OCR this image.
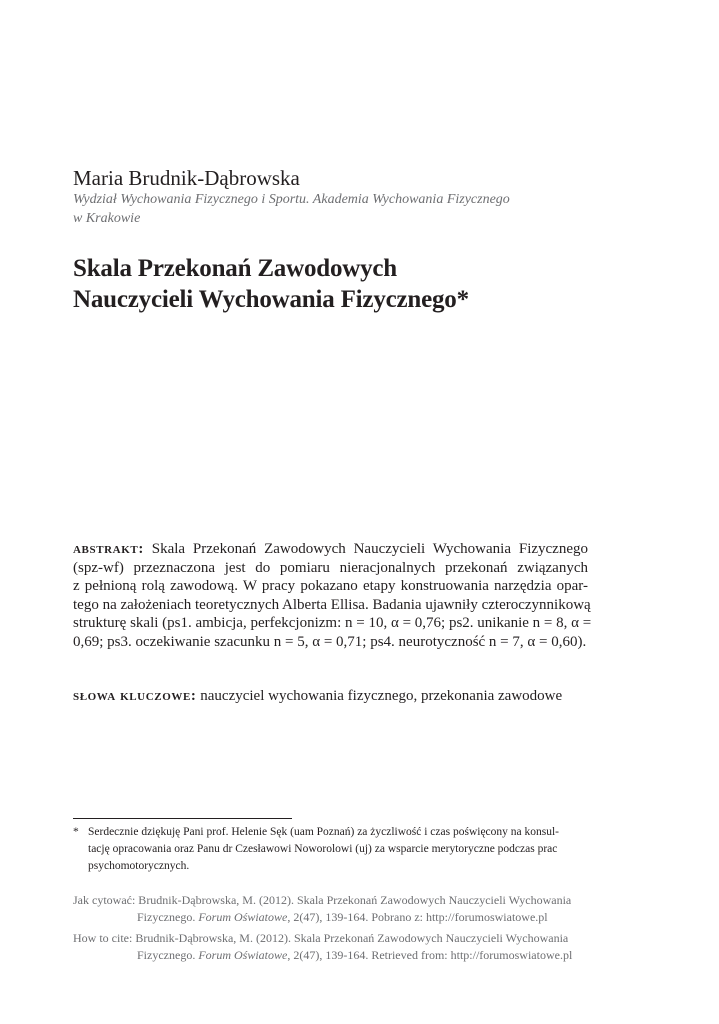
Maria Brudnik-Dąbrowska
Wydział Wychowania Fizycznego i Sportu. Akademia Wychowania Fizycznego
w Krakowie
Skala Przekonań Zawodowych
Nauczycieli Wychowania Fizycznego*
abstrakt: Skala Przekonań Zawodowych Nauczycieli Wychowania Fizycznego
(spz-wf) przeznaczona jest do pomiaru nieracjonalnych przekonań związanych
z pełnioną rolą zawodową. W pracy pokazano etapy konstruowania narzędzia opar-
tego na założeniach teoretycznych Alberta Ellisa. Badania ujawniły czteroczynnikową
strukturę skali (ps1. ambicja, perfekcjonizm: n = 10, α = 0,76; ps2. unikanie n = 8, α =
0,69; ps3. oczekiwanie szacunku n = 5, α = 0,71; ps4. neurotyczność n = 7, α = 0,60).
słowa kluczowe: nauczyciel wychowania fizycznego, przekonania zawodowe
* Serdecznie dziękuję Pani prof. Helenie Sęk (uam Poznań) za życzliwość i czas poświęcony na konsul-
tację opracowania oraz Panu dr Czesławowi Noworolowi (uj) za wsparcie merytoryczne podczas prac
psychomotorycznych.
Jak cytować: Brudnik-Dąbrowska, M. (2012). Skala Przekonań Zawodowych Nauczycieli Wychowania
Fizycznego. Forum Oświatowe, 2(47), 139-164. Pobrano z: http://forumoswiatowe.pl
How to cite: Brudnik-Dąbrowska, M. (2012). Skala Przekonań Zawodowych Nauczycieli Wychowania
Fizycznego. Forum Oświatowe, 2(47), 139-164. Retrieved from: http://forumoswiatowe.pl
